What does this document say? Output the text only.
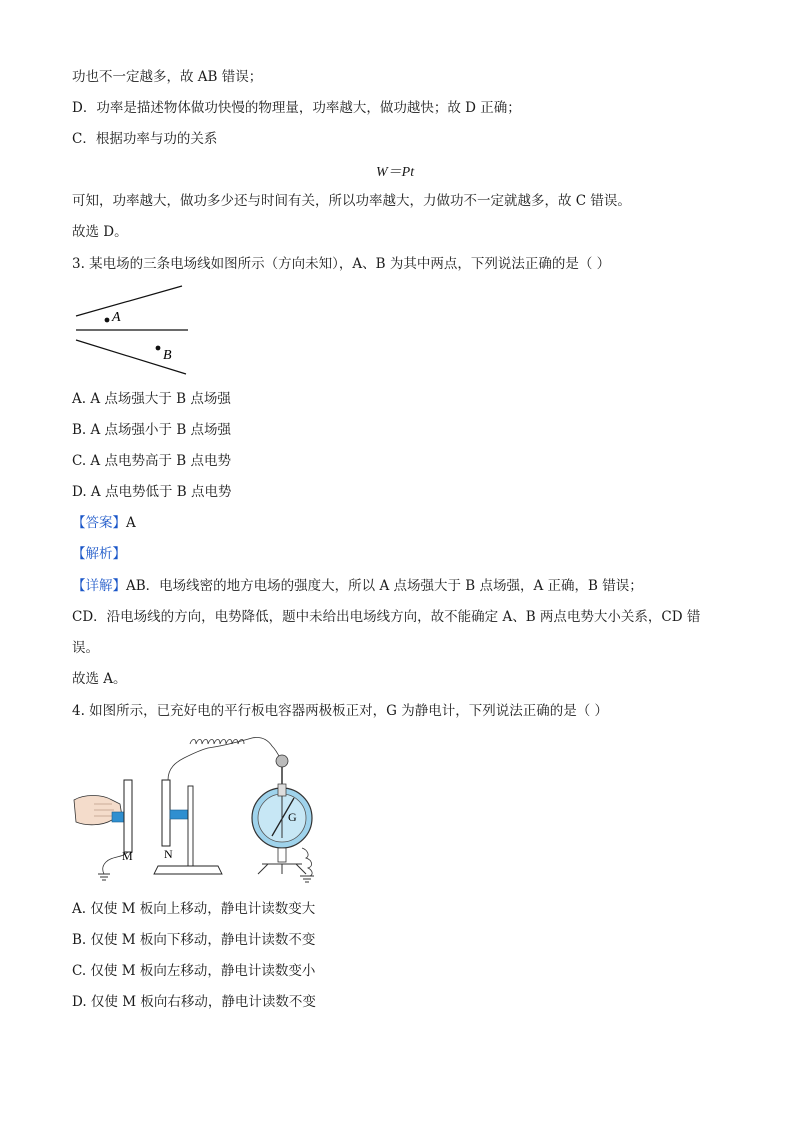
功也不一定越多，故 AB 错误；
D．功率是描述物体做功快慢的物理量，功率越大，做功越快；故 D 正确；
C．根据功率与功的关系
W＝Pt
可知，功率越大，做功多少还与时间有关，所以功率越大，力做功不一定就越多，故 C 错误。
故选 D。
3. 某电场的三条电场线如图所示（方向未知），A、B 为其中两点，下列说法正确的是（ ）
A
B
A. A 点场强大于 B 点场强
B. A 点场强小于 B 点场强
C. A 点电势高于 B 点电势
D. A 点电势低于 B 点电势
【答案】A
【解析】
【详解】AB．电场线密的地方电场的强度大，所以 A 点场强大于 B 点场强，A 正确，B 错误；
CD．沿电场线的方向，电势降低，题中未给出电场线方向，故不能确定 A、B 两点电势大小关系，CD 错
误。
故选 A。
4. 如图所示，已充好电的平行板电容器两极板正对，G 为静电计，下列说法正确的是（ ）
M	N
G
A. 仅使 M 板向上移动，静电计读数变大
B. 仅使 M 板向下移动，静电计读数不变
C. 仅使 M 板向左移动，静电计读数变小
D. 仅使 M 板向右移动，静电计读数不变
